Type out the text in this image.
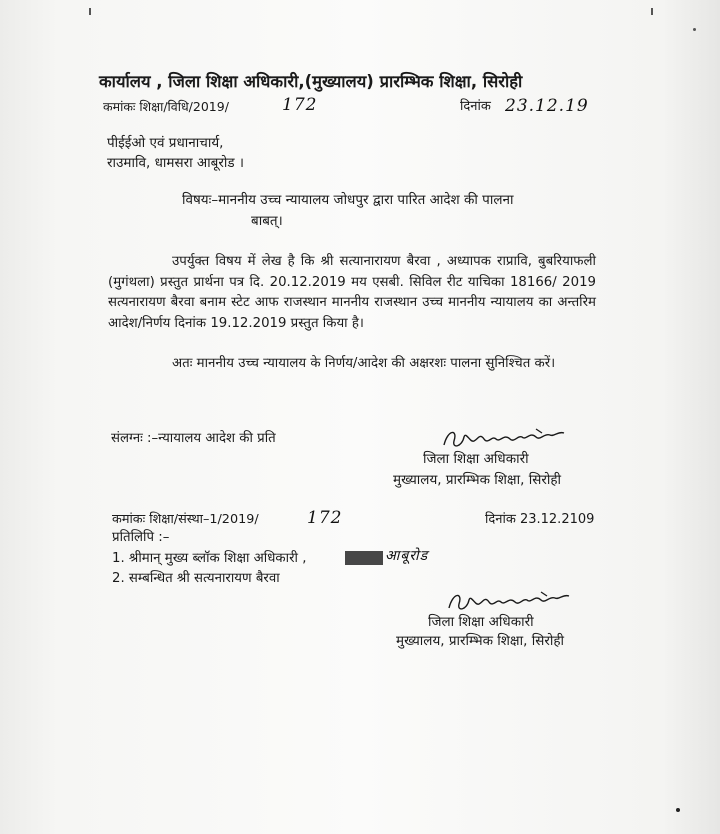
कार्यालय , जिला शिक्षा अधिकारी,(मुख्यालय) प्रारम्भिक शिक्षा, सिरोही
कमांकः शिक्षा/विधि/2019/	172	दिनांक 23.12.19
पीईईओ एवं प्रधानाचार्य,
राउमावि, धामसरा आबूरोड ।
विषयः–माननीय उच्च न्यायालय जोधपुर द्वारा पारित आदेश की पालना
बाबत्।
उपर्युक्त विषय में लेख है कि श्री सत्यानारायण बैरवा , अध्यापक राप्रावि, बुबरियाफली (मुगंथला) प्रस्तुत प्रार्थना पत्र दि. 20.12.2019 मय एसबी. सिविल रीट याचिका 18166/ 2019 सत्यनारायण बैरवा बनाम स्टेट आफ राजस्थान माननीय राजस्थान उच्च माननीय न्यायालय का अन्तरिम आदेश/निर्णय दिनांक 19.12.2019 प्रस्तुत किया है।
अतः माननीय उच्च न्यायालय के निर्णय/आदेश की अक्षरशः पालना सुनिश्चित करें।
संलग्नः :–न्यायालय आदेश की प्रति
जिला शिक्षा अधिकारी
मुख्यालय, प्रारम्भिक शिक्षा, सिरोही
कमांकः शिक्षा/संस्था–1/2019/	172	दिनांक 23.12.2109
प्रतिलिपि :–
1. श्रीमान् मुख्य ब्लॉक शिक्षा अधिकारी ,	आबूरोड
2. सम्बन्धित श्री सत्यनारायण बैरवा
जिला शिक्षा अधिकारी
मुख्यालय, प्रारम्भिक शिक्षा, सिरोही
